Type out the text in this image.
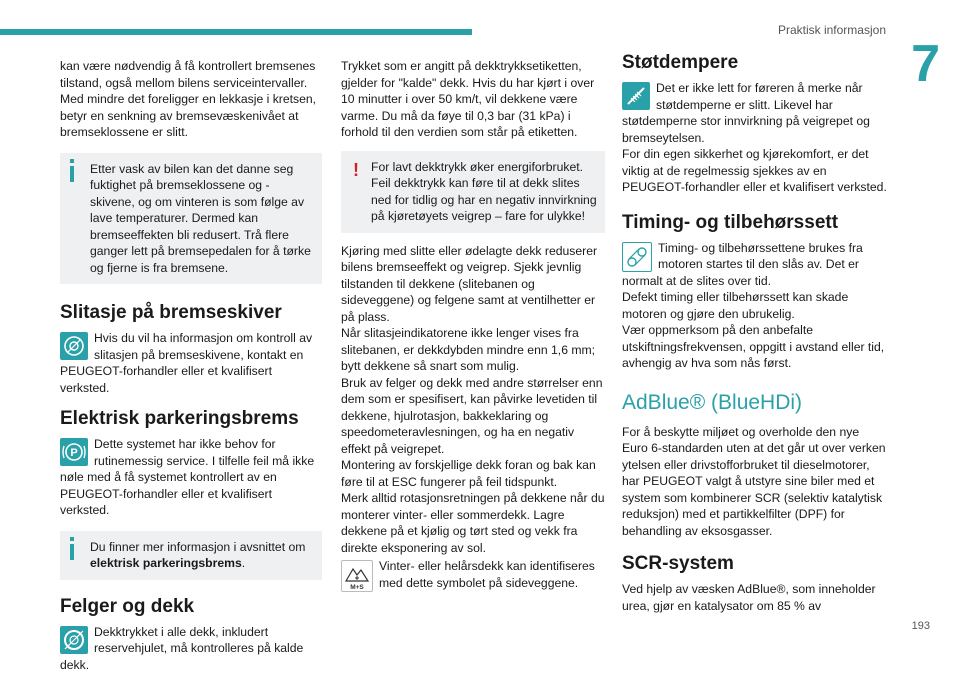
Praktisk informasjon
7

kan være nødvendig å få kontrollert bremsenes tilstand, også mellom bilens serviceintervaller. Med mindre det foreligger en lekkasje i kretsen, betyr en senkning av bremsevæskenivået at bremseklossene er slitt.

Etter vask av bilen kan det danne seg fuktighet på bremseklossene og -skivene, og om vinteren is som følge av lave temperaturer. Dermed kan bremseeffekten bli redusert. Trå flere ganger lett på bremsepedalen for å tørke og fjerne is fra bremsene.

Slitasje på bremseskiver

Hvis du vil ha informasjon om kontroll av slitasjen på bremseskivene, kontakt en PEUGEOT-forhandler eller et kvalifisert verksted.

Elektrisk parkeringsbrems
P

Dette systemet har ikke behov for rutinemessig service. I tilfelle feil må ikke nøle med å få systemet kontrollert av en PEUGEOT-forhandler eller et kvalifisert verksted.

Du finner mer informasjon i avsnittet om elektrisk parkeringsbrems.

Felger og dekk

Dekktrykket i alle dekk, inkludert reservehjulet, må kontrolleres på kalde dekk.

Trykket som er angitt på dekktrykksetiketten, gjelder for "kalde" dekk. Hvis du har kjørt i over 10 minutter i over 50 km/t, vil dekkene være varme. Du må da føye til 0,3 bar (31 kPa) i forhold til den verdien som står på etiketten.

! For lavt dekktrykk øker energiforbruket. Feil dekktrykk kan føre til at dekk slites ned for tidlig og har en negativ innvirkning på kjøretøyets veigrep – fare for ulykke!

Kjøring med slitte eller ødelagte dekk reduserer bilens bremseeffekt og veigrep. Sjekk jevnlig tilstanden til dekkene (slitebanen og sideveggene) og felgene samt at ventilhetter er på plass.

Når slitasjeindikatorene ikke lenger vises fra slitebanen, er dekkdybden mindre enn 1,6 mm; bytt dekkene så snart som mulig.

Bruk av felger og dekk med andre størrelser enn dem som er spesifisert, kan påvirke levetiden til dekkene, hjulrotasjon, bakkeklaring og speedometeravlesningen, og ha en negativ effekt på veigrepet.

Montering av forskjellige dekk foran og bak kan føre til at ESC fungerer på feil tidspunkt.

Merk alltid rotasjonsretningen på dekkene når du monterer vinter- eller sommerdekk. Lagre dekkene på et kjølig og tørt sted og vekk fra direkte eksponering av sol.

M+S

Vinter- eller helårsdekk kan identifiseres med dette symbolet på sideveggene.

Støtdempere

Det er ikke lett for føreren å merke når støtdemperne er slitt. Likevel har støtdemperne stor innvirkning på veigrepet og bremseytelsen.

For din egen sikkerhet og kjørekomfort, er det viktig at de regelmessig sjekkes av en PEUGEOT-forhandler eller et kvalifisert verksted.

Timing- og tilbehørssett

Timing- og tilbehørssettene brukes fra motoren startes til den slås av. Det er normalt at de slites over tid.

Defekt timing eller tilbehørssett kan skade motoren og gjøre den ubrukelig.

Vær oppmerksom på den anbefalte utskiftningsfrekvensen, oppgitt i avstand eller tid, avhengig av hva som nås først.

AdBlue® (BlueHDi)

For å beskytte miljøet og overholde den nye Euro 6-standarden uten at det går ut over verken ytelsen eller drivstofforbruket til dieselmotorer, har PEUGEOT valgt å utstyre sine biler med et system som kombinerer SCR (selektiv katalytisk reduksjon) med et partikkelfilter (DPF) for behandling av eksosgasser.

SCR-system

Ved hjelp av væsken AdBlue®, som inneholder urea, gjør en katalysator om 85 % av

193
